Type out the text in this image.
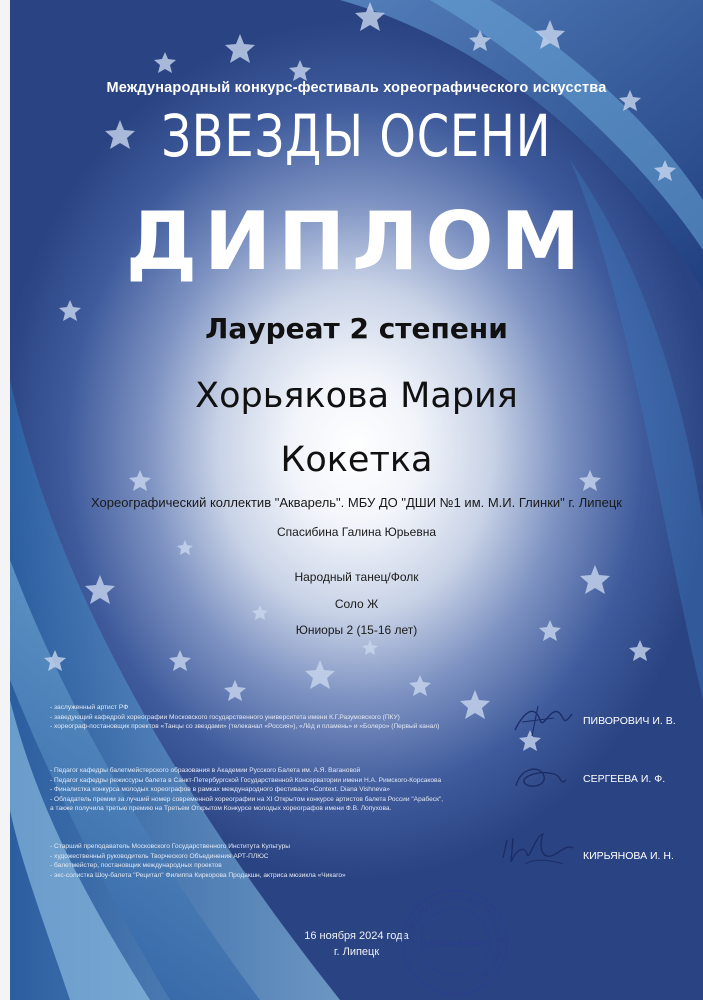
Международный конкурс-фестиваль хореографического искусства
ЗВЕЗДЫ ОСЕНИ
ДИПЛОМ
Лауреат 2 степени
Хорьякова Мария
Кокетка
Хореографический коллектив "Акварель". МБУ ДО "ДШИ №1 им. М.И. Глинки" г. Липецк
Спасибина Галина Юрьевна
Народный танец/Фолк
Соло Ж
Юниоры 2 (15-16 лет)
- заслуженный артист РФ
- заведующий кафедрой хореографии Московского государственного университета имени К.Г.Разумовского (ПКУ)
- хореограф-постановщик проектов «Танцы со звездами» (телеканал «Россия»), «Лёд и пламень» и «Болеро» (Первый канал)	ПИВОРОВИЧ И. В.
- Педагог кафедры балетмейстерского образования в Академии Русского Балета им. А.Я. Вагановой
- Педагог кафедры режиссуры балета в Санкт-Петербургской Государственной Консерватории имени Н.А. Римского-Корсакова
- Финалистка конкурса молодых хореографов в рамках международного фестиваля «Context. Diana Vishneva»
- Обладатель премии за лучший номер современной хореографии на XI Открытом конкурсе артистов балета России "Арабеск",
а также получила третью премию на Третьем Открытом Конкурсе молодых хореографов имени Ф.В. Лопухова.
СЕРГЕЕВА И. Ф.
- Старший преподаватель Московского Государственного Института Культуры
- художественный руководитель Творческого Объединения АРТ-ПЛЮС
- балетмейстер, постановщик международных проектов
- экс-солистка Шоу-балета "Рецитал" Филиппа Киркорова Продакшн, актриса мюзикла «Чикаго»
КИРЬЯНОВА И. Н.
16 ноября 2024 года
г. Липецк
МЕЖДУНАРОДНЫЙ ФЕСТИВАЛЬ ДВИЖЕНИЕ
«Движение»
